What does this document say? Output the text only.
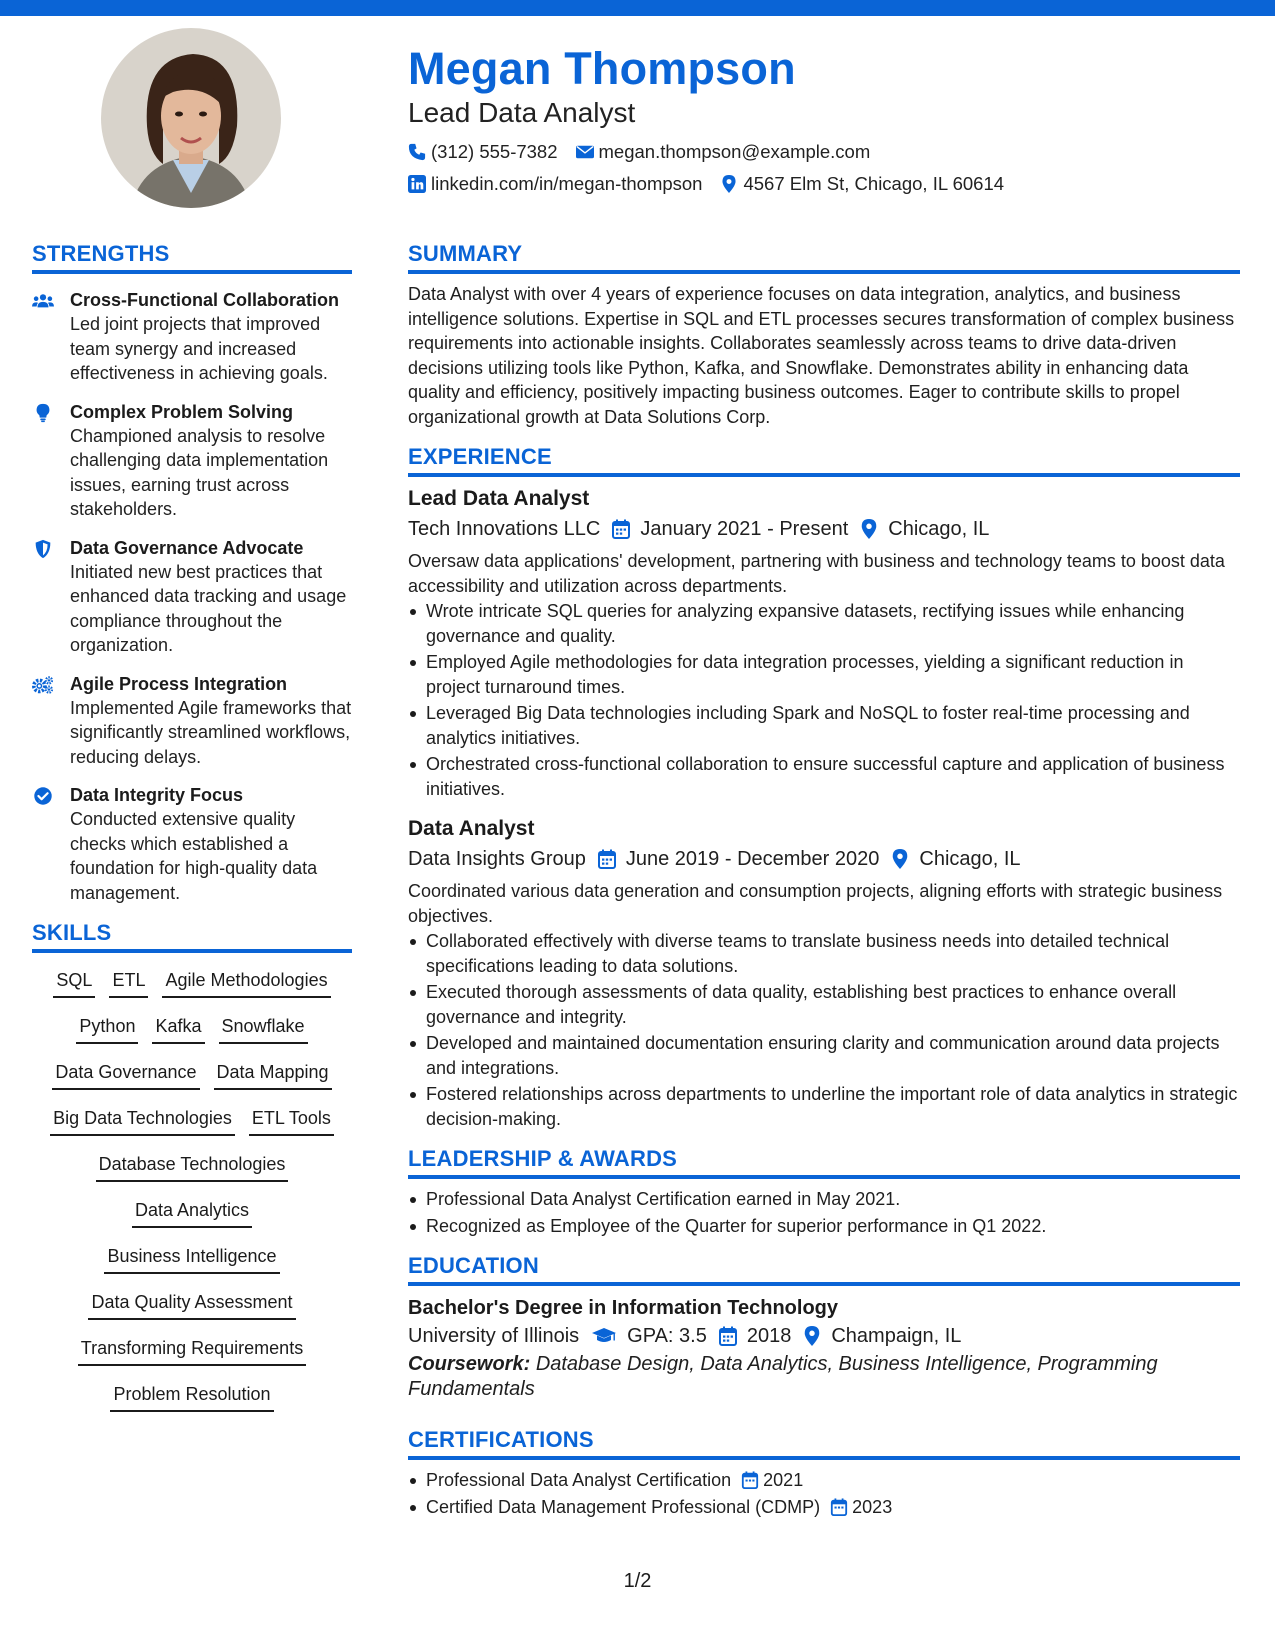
Megan Thompson
Lead Data Analyst
(312) 555-7382 megan.thompson@example.com
linkedin.com/in/megan-thompson 4567 Elm St, Chicago, IL 60614
STRENGTHS
Cross-Functional Collaboration
Led joint projects that improved team synergy and increased effectiveness in achieving goals.
Complex Problem Solving
Championed analysis to resolve challenging data implementation issues, earning trust across stakeholders.
Data Governance Advocate
Initiated new best practices that enhanced data tracking and usage compliance throughout the organization.
Agile Process Integration
Implemented Agile frameworks that significantly streamlined workflows, reducing delays.
Data Integrity Focus
Conducted extensive quality checks which established a foundation for high-quality data management.
SKILLS
SQL ETL Agile Methodologies
Python Kafka Snowflake
Data Governance Data Mapping
Big Data Technologies ETL Tools
Database Technologies
Data Analytics
Business Intelligence
Data Quality Assessment
Transforming Requirements
Problem Resolution
SUMMARY

Data Analyst with over 4 years of experience focuses on data integration, analytics, and business intelligence solutions. Expertise in SQL and ETL processes secures transformation of complex business requirements into actionable insights. Collaborates seamlessly across teams to drive data-driven decisions utilizing tools like Python, Kafka, and Snowflake. Demonstrates ability in enhancing data quality and efficiency, positively impacting business outcomes. Eager to contribute skills to propel organizational growth at Data Solutions Corp.

EXPERIENCE
Lead Data Analyst
Tech Innovations LLC January 2021 - Present Chicago, IL

Oversaw data applications' development, partnering with business and technology teams to boost data accessibility and utilization across departments.

Wrote intricate SQL queries for analyzing expansive datasets, rectifying issues while enhancing governance and quality.
Employed Agile methodologies for data integration processes, yielding a significant reduction in project turnaround times.
Leveraged Big Data technologies including Spark and NoSQL to foster real-time processing and analytics initiatives.
Orchestrated cross-functional collaboration to ensure successful capture and application of business initiatives.
Data Analyst
Data Insights Group June 2019 - December 2020 Chicago, IL

Coordinated various data generation and consumption projects, aligning efforts with strategic business objectives.

Collaborated effectively with diverse teams to translate business needs into detailed technical specifications leading to data solutions.
Executed thorough assessments of data quality, establishing best practices to enhance overall governance and integrity.
Developed and maintained documentation ensuring clarity and communication around data projects and integrations.
Fostered relationships across departments to underline the important role of data analytics in strategic decision-making.
LEADERSHIP & AWARDS
Professional Data Analyst Certification earned in May 2021.
Recognized as Employee of the Quarter for superior performance in Q1 2022.
EDUCATION
Bachelor's Degree in Information Technology
University of Illinois GPA: 3.5 2018 Champaign, IL

Coursework: Database Design, Data Analytics, Business Intelligence, Programming Fundamentals

CERTIFICATIONS
Professional Data Analyst Certification 2021
Certified Data Management Professional (CDMP) 2023
1/2
